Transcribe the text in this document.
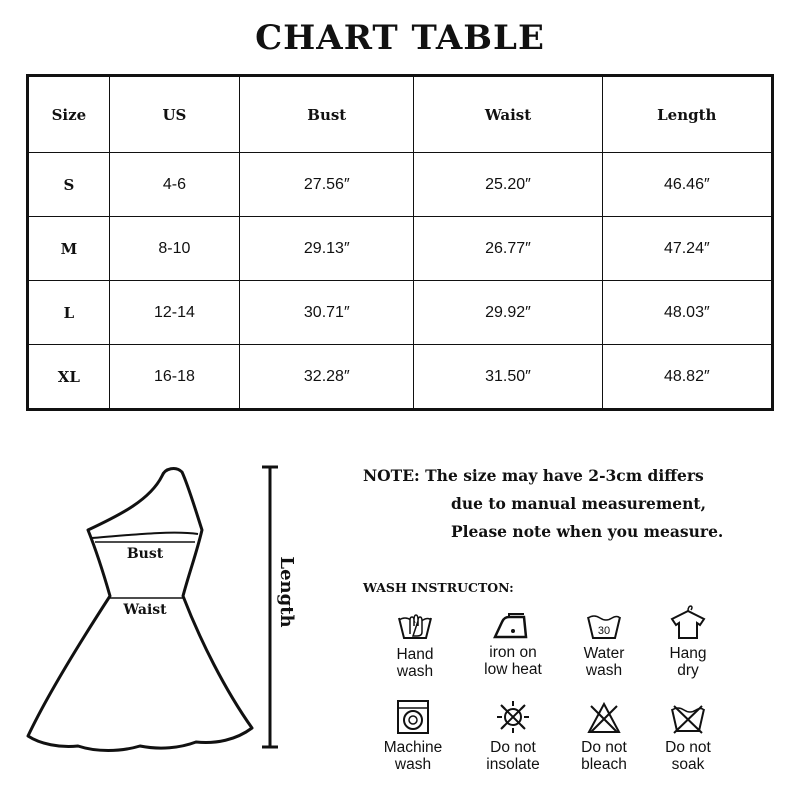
CHART TABLE
Size	US	Bust	Waist	Length
S	4-6	27.56″	25.20″	46.46″
M	8-10	29.13″	26.77″	47.24″
L	12-14	30.71″	29.92″	48.03″
XL	16-18	32.28″	31.50″	48.82″
Bust
Waist	Length
NOTE: The size may have 2-3cm differs
due to manual measurement,
Please note when you measure.
WASH INSTRUCTON:
Hand
wash
iron on
low heat
30
Water
wash
Hang
dry
Machine
wash
Do not
insolate
Do not
bleach
Do not
soak
